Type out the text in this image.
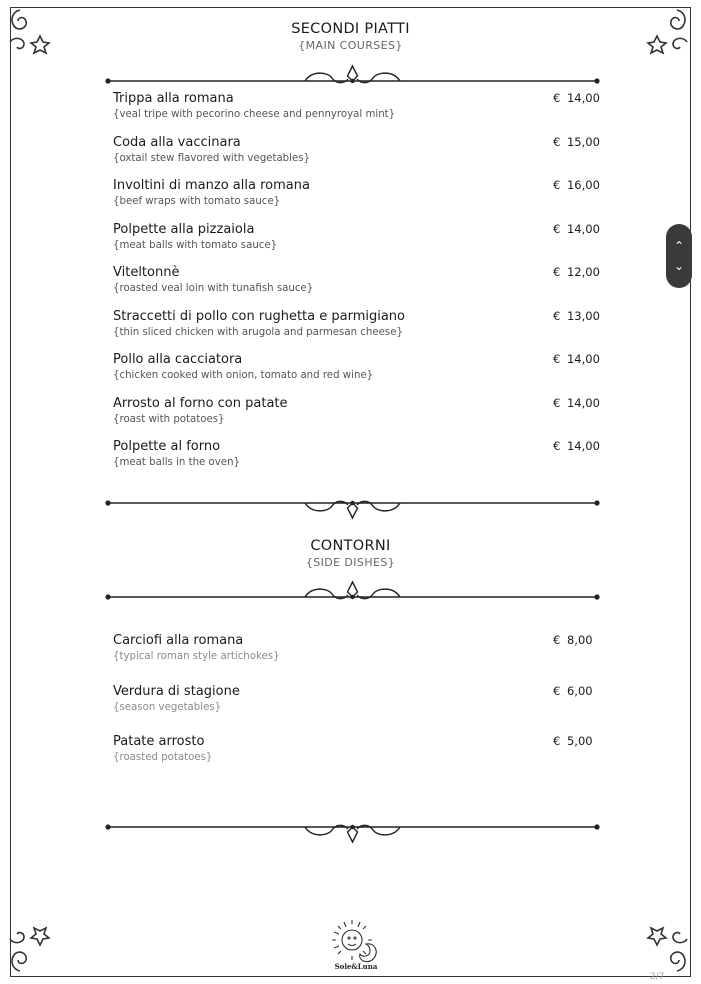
SECONDI PIATTI
{MAIN COURSES}
Trippa alla romana
{veal tripe with pecorino cheese and pennyroyal mint}
€ 14,00
Coda alla vaccinara
{oxtail stew flavored with vegetables}
€ 15,00
Involtini di manzo alla romana
{beef wraps with tomato sauce}
€ 16,00
Polpette alla pizzaiola
{meat balls with tomato sauce}
€ 14,00
Viteltonnè
{roasted veal loin with tunafish sauce}
€ 12,00
Straccetti di pollo con rughetta e parmigiano
{thin sliced chicken with arugola and parmesan cheese}
€ 13,00
Pollo alla cacciatora
{chicken cooked with onion, tomato and red wine}
€ 14,00
Arrosto al forno con patate
{roast with potatoes}
€ 14,00
Polpette al forno
{meat balls in the oven}
€ 14,00
CONTORNI
{SIDE DISHES}
Carciofi alla romana
{typical roman style artichokes}
€ 8,00
Verdura di stagione
{season vegetables}
€ 6,00
Patate arrosto
{roasted potatoes}
€ 5,00
⌃
⌄
Sole&Luna
2/7
